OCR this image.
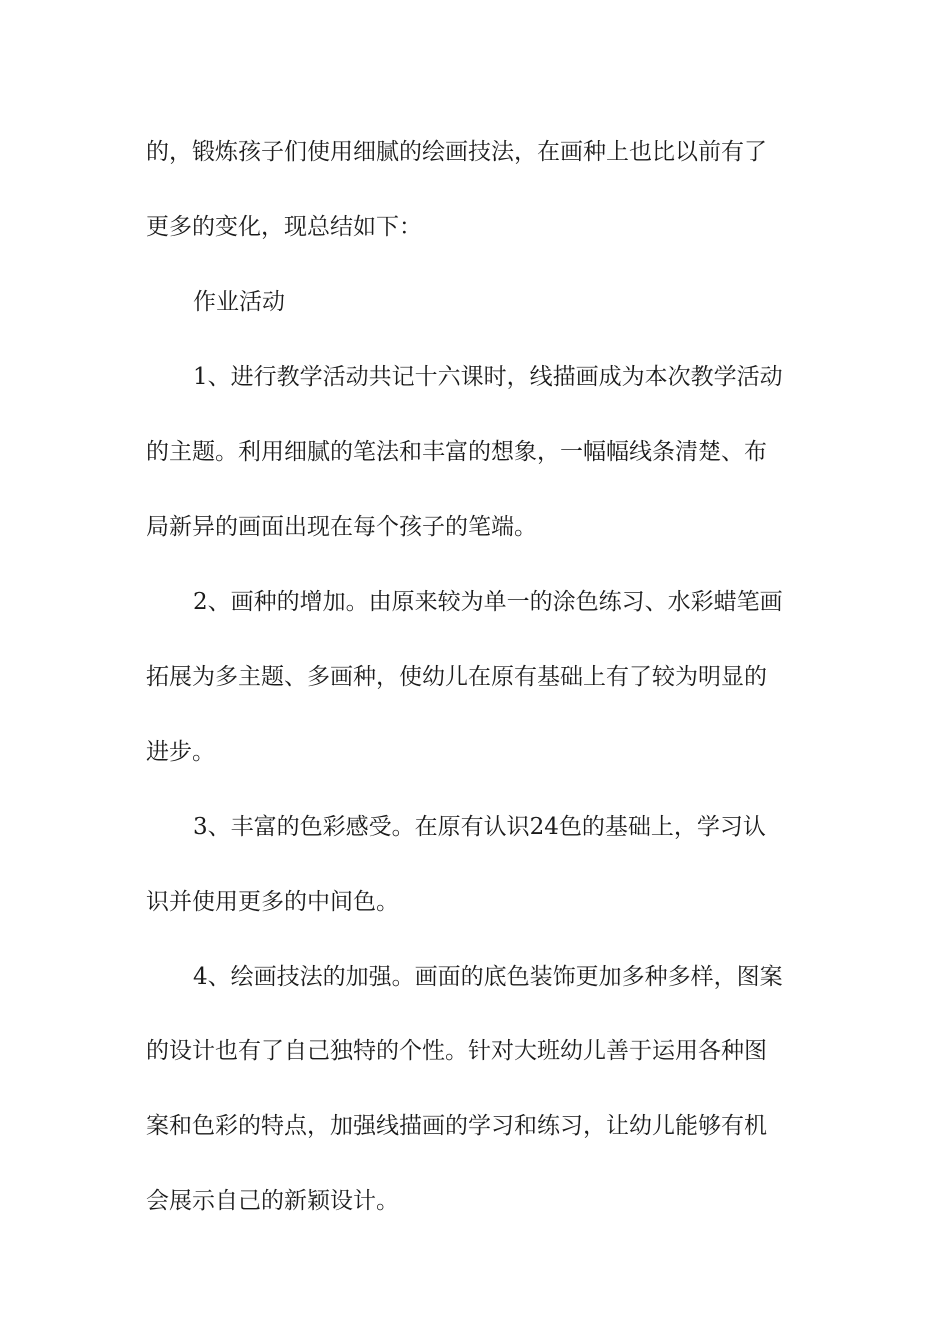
的，锻炼孩子们使用细腻的绘画技法，在画种上也比以前有了
更多的变化，现总结如下：
作业活动
1、进行教学活动共记十六课时，线描画成为本次教学活动
的主题。利用细腻的笔法和丰富的想象，一幅幅线条清楚、布
局新异的画面出现在每个孩子的笔端。
2、画种的增加。由原来较为单一的涂色练习、水彩蜡笔画
拓展为多主题、多画种，使幼儿在原有基础上有了较为明显的
进步。
3、丰富的色彩感受。在原有认识24色的基础上，学习认
识并使用更多的中间色。
4、绘画技法的加强。画面的底色装饰更加多种多样，图案
的设计也有了自己独特的个性。针对大班幼儿善于运用各种图
案和色彩的特点，加强线描画的学习和练习，让幼儿能够有机
会展示自己的新颖设计。
